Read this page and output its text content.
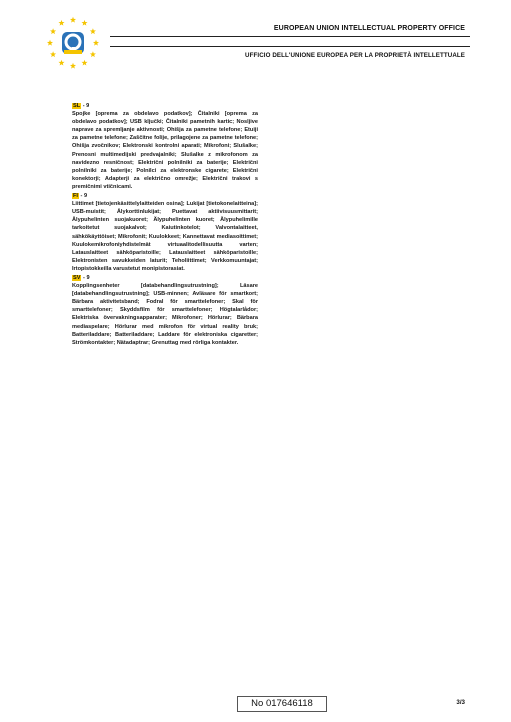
EUROPEAN UNION INTELLECTUAL PROPERTY OFFICE
UFFICIO DELL'UNIONE EUROPEA PER LA PROPRIETÀ INTELLETTUALE
SL - 9
Spojke [oprema za obdelavo podatkov]; Čitalniki [oprema za obdelavo podatkov]; USB ključki; Čitalniki pametnih kartic; Nosljive naprave za spremljanje aktivnosti; Ohišja za pametne telefone; Etuiji za pametne telefone; Zaščitne folije, prilagojene za pametne telefone; Ohišja zvočnikov; Elektronski kontrolni aparati; Mikrofoni; Slušalke; Prenosni multimedijski predvajalniki; Slušalke z mikrofonom za navidezno resničnost; Električni polnilniki za baterije; Električni polnilniki za baterije; Polnilci za elektronske cigarete; Električni konektorji; Adapterji za električno omrežje; Električni trakovi s premičnimi vtičnicami.
FI - 9
Liittimet [tietojenkäsittelylaitteiden osina]; Lukijat [tietokonelaitteina]; USB-muistit; Älykorttinlukijat; Puettavat aktiivisuusmittarit; Älypuhelinten suojakuoret; Älypuhelinten kuoret; Älypuhelimille tarkoitetut suojakalvot; Kaiutinkotelot; Valvontalaitteet, sähkökäyttöiset; Mikrofonit; Kuulokkeet; Kannettavat mediasoittimet; Kuulokemikrofoniyhdistelmät virtuaalitodellisuutta varten; Latauslaitteet sähköparistoille; Latauslaitteet sähköparistoille; Elektronisten savukkeiden laturit; Teholiittimet; Verkkomuuntajat; Irtopistokkeilla varustetut monipistorasiat.
SV - 9
Kopplingsenheter [databehandlingsutrustning]; Läsare [databehandlingsutrustning]; USB-minnen; Avläsare för smartkort; Bärbara aktivitetsband; Fodral för smarttelefoner; Skal för smarttelefoner; Skyddsfilm för smarttelefoner; Högtalarlådor; Elektriska övervakningsapparater; Mikrofoner; Hörlurar; Bärbara mediaspelare; Hörlurar med mikrofon för virtual reality bruk; Batteriladdare; Batteriladdare; Laddare för elektroniska cigaretter; Strömkontakter; Nätadaptrar; Grenuttag med rörliga kontakter.
No 017646118	3/3
